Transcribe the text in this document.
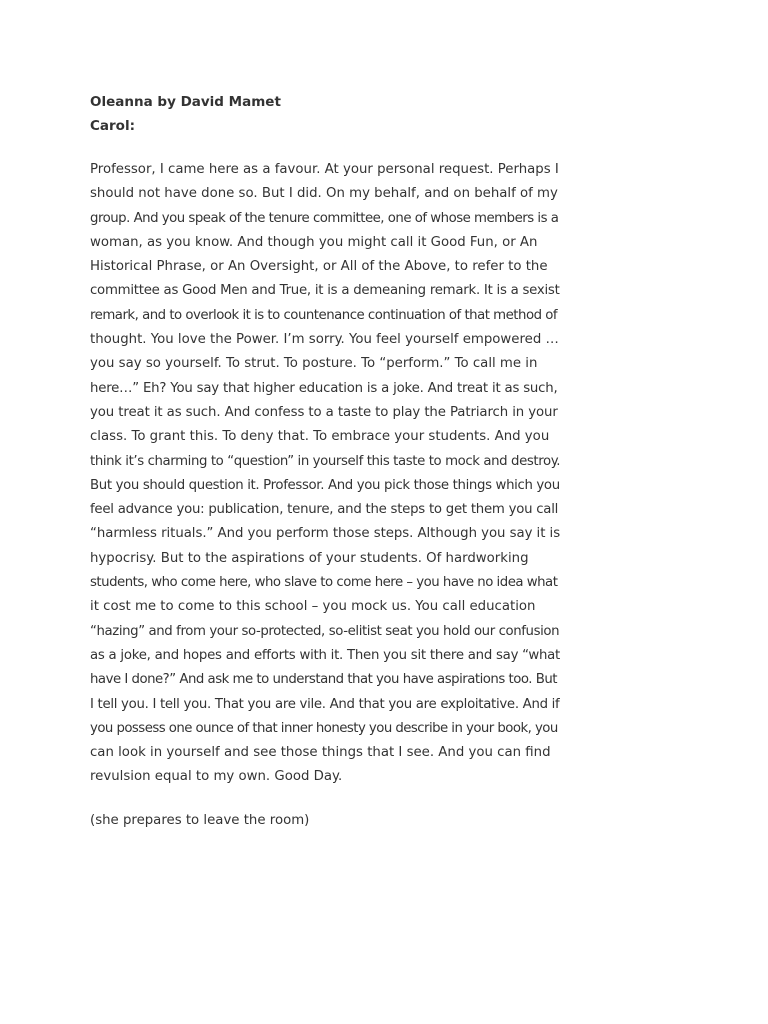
Oleanna by David Mamet
Carol:
Professor, I came here as a favour. At your personal request. Perhaps I
should not have done so. But I did. On my behalf, and on behalf of my
group. And you speak of the tenure committee, one of whose members is a
woman, as you know. And though you might call it Good Fun, or An
Historical Phrase, or An Oversight, or All of the Above, to refer to the
committee as Good Men and True, it is a demeaning remark. It is a sexist
remark, and to overlook it is to countenance continuation of that method of
thought. You love the Power. I’m sorry. You feel yourself empowered …
you say so yourself. To strut. To posture. To “perform.” To call me in
here…” Eh? You say that higher education is a joke. And treat it as such,
you treat it as such. And confess to a taste to play the Patriarch in your
class. To grant this. To deny that. To embrace your students. And you
think it’s charming to “question” in yourself this taste to mock and destroy.
But you should question it. Professor. And you pick those things which you
feel advance you: publication, tenure, and the steps to get them you call
“harmless rituals.” And you perform those steps. Although you say it is
hypocrisy. But to the aspirations of your students. Of hardworking
students, who come here, who slave to come here – you have no idea what
it cost me to come to this school – you mock us. You call education
“hazing” and from your so-protected, so-elitist seat you hold our confusion
as a joke, and hopes and efforts with it. Then you sit there and say “what
have I done?” And ask me to understand that you have aspirations too. But
I tell you. I tell you. That you are vile. And that you are exploitative. And if
you possess one ounce of that inner honesty you describe in your book, you
can look in yourself and see those things that I see. And you can find
revulsion equal to my own. Good Day.
(she prepares to leave the room)
